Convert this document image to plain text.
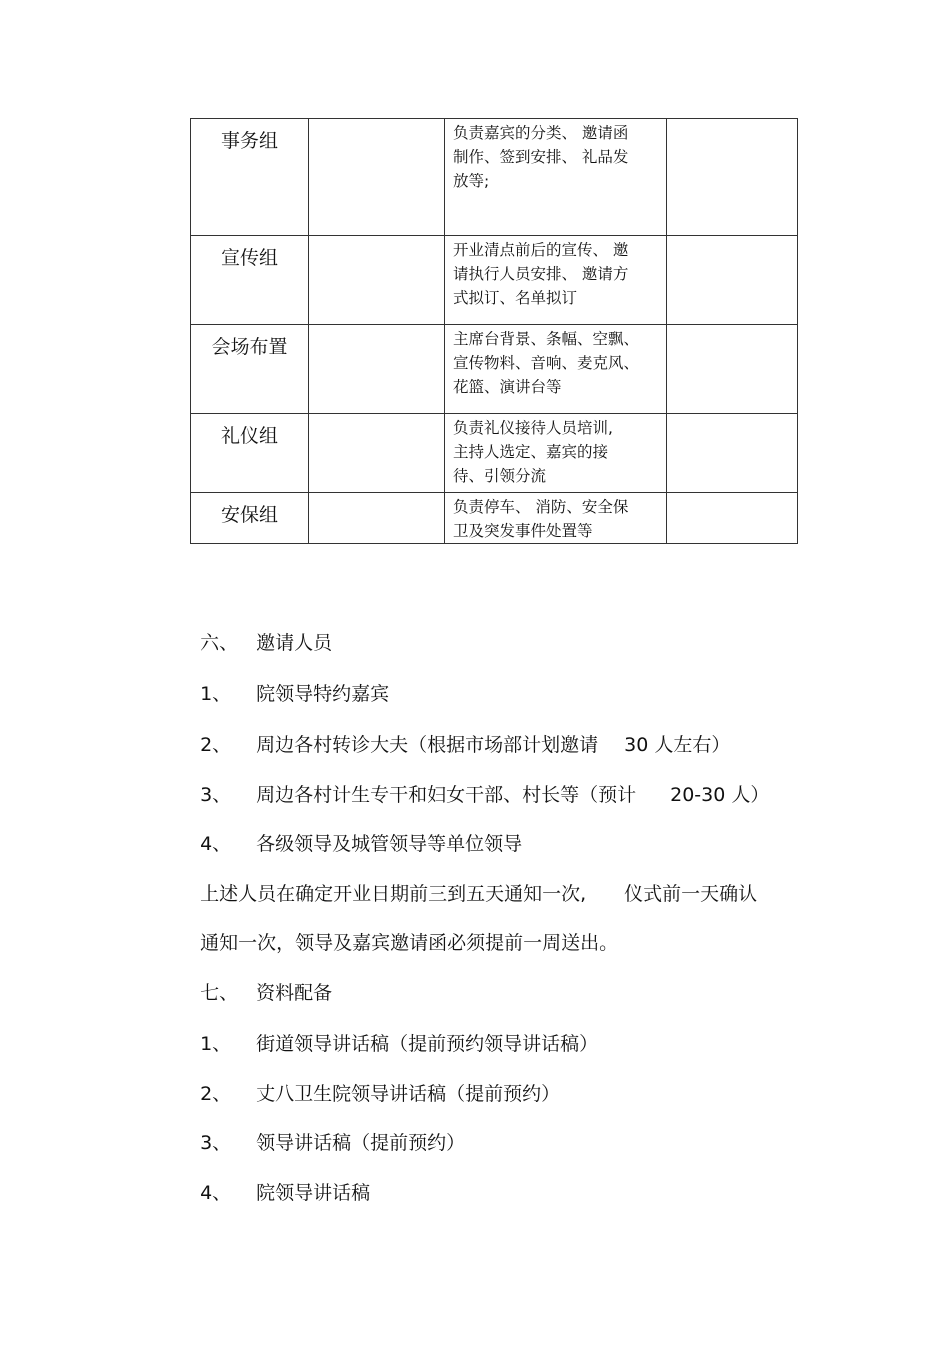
事务组		负责嘉宾的分类、 邀请函
制作、签到安排、 礼品发
放等;	

宣传组		开业清点前后的宣传、 邀
请执行人员安排、 邀请方
式拟订、名单拟订	

会场布置		主席台背景、条幅、空飘、
宣传物料、音响、麦克风、
花篮、演讲台等	

礼仪组		负责礼仪接待人员培训,
主持人选定、嘉宾的接
待、引领分流	

安保组		负责停车、 消防、安全保
卫及突发事件处置等	

六、 邀请人员

1、 院领导特约嘉宾

2、 周边各村转诊大夫（根据市场部计划邀请 30 人左右）

3、 周边各村计生专干和妇女干部、村长等（预计 20-30 人）

4、 各级领导及城管领导等单位领导

上述人员在确定开业日期前三到五天通知一次, 仪式前一天确认

通知一次，领导及嘉宾邀请函必须提前一周送出。

七、 资料配备

1、 街道领导讲话稿（提前预约领导讲话稿）

2、 丈八卫生院领导讲话稿（提前预约）

3、 领导讲话稿（提前预约）

4、 院领导讲话稿
